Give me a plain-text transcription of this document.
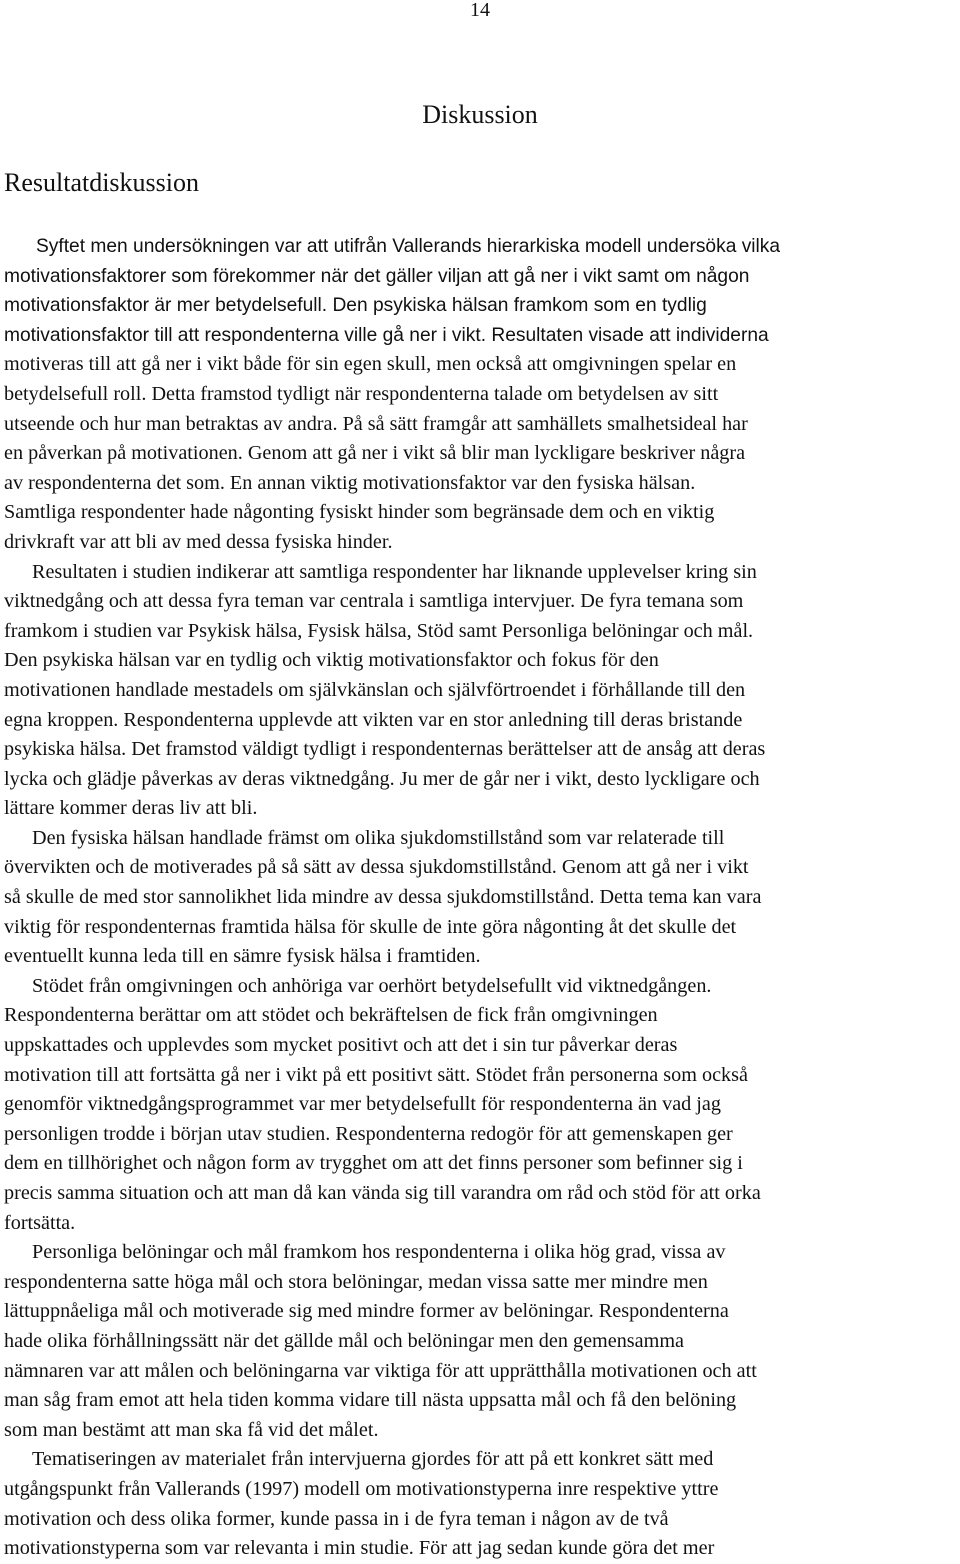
14
Diskussion
Resultatdiskussion

Syftet men undersökningen var att utifrån Vallerands hierarkiska modell undersöka vilka
motivationsfaktorer som förekommer när det gäller viljan att gå ner i vikt samt om någon
motivationsfaktor är mer betydelsefull. Den psykiska hälsan framkom som en tydlig
motivationsfaktor till att respondenterna ville gå ner i vikt. Resultaten visade att individerna
motiveras till att gå ner i vikt både för sin egen skull, men också att omgivningen spelar en
betydelsefull roll. Detta framstod tydligt när respondenterna talade om betydelsen av sitt
utseende och hur man betraktas av andra. På så sätt framgår att samhällets smalhetsideal har
en påverkan på motivationen. Genom att gå ner i vikt så blir man lyckligare beskriver några
av respondenterna det som. En annan viktig motivationsfaktor var den fysiska hälsan.
Samtliga respondenter hade någonting fysiskt hinder som begränsade dem och en viktig
drivkraft var att bli av med dessa fysiska hinder.

Resultaten i studien indikerar att samtliga respondenter har liknande upplevelser kring sin
viktnedgång och att dessa fyra teman var centrala i samtliga intervjuer. De fyra temana som
framkom i studien var Psykisk hälsa, Fysisk hälsa, Stöd samt Personliga belöningar och mål.
Den psykiska hälsan var en tydlig och viktig motivationsfaktor och fokus för den
motivationen handlade mestadels om självkänslan och självförtroendet i förhållande till den
egna kroppen. Respondenterna upplevde att vikten var en stor anledning till deras bristande
psykiska hälsa. Det framstod väldigt tydligt i respondenternas berättelser att de ansåg att deras
lycka och glädje påverkas av deras viktnedgång. Ju mer de går ner i vikt, desto lyckligare och
lättare kommer deras liv att bli.

Den fysiska hälsan handlade främst om olika sjukdomstillstånd som var relaterade till
övervikten och de motiverades på så sätt av dessa sjukdomstillstånd. Genom att gå ner i vikt
så skulle de med stor sannolikhet lida mindre av dessa sjukdomstillstånd. Detta tema kan vara
viktig för respondenternas framtida hälsa för skulle de inte göra någonting åt det skulle det
eventuellt kunna leda till en sämre fysisk hälsa i framtiden.

Stödet från omgivningen och anhöriga var oerhört betydelsefullt vid viktnedgången.
Respondenterna berättar om att stödet och bekräftelsen de fick från omgivningen
uppskattades och upplevdes som mycket positivt och att det i sin tur påverkar deras
motivation till att fortsätta gå ner i vikt på ett positivt sätt. Stödet från personerna som också
genomför viktnedgångsprogrammet var mer betydelsefullt för respondenterna än vad jag
personligen trodde i början utav studien. Respondenterna redogör för att gemenskapen ger
dem en tillhörighet och någon form av trygghet om att det finns personer som befinner sig i
precis samma situation och att man då kan vända sig till varandra om råd och stöd för att orka
fortsätta.

Personliga belöningar och mål framkom hos respondenterna i olika hög grad, vissa av
respondenterna satte höga mål och stora belöningar, medan vissa satte mer mindre men
lättuppnåeliga mål och motiverade sig med mindre former av belöningar. Respondenterna
hade olika förhållningssätt när det gällde mål och belöningar men den gemensamma
nämnaren var att målen och belöningarna var viktiga för att upprätthålla motivationen och att
man såg fram emot att hela tiden komma vidare till nästa uppsatta mål och få den belöning
som man bestämt att man ska få vid det målet.

Tematiseringen av materialet från intervjuerna gjordes för att på ett konkret sätt med
utgångspunkt från Vallerands (1997) modell om motivationstyperna inre respektive yttre
motivation och dess olika former, kunde passa in i de fyra teman i någon av de två
motivationstyperna som var relevanta i min studie. För att jag sedan kunde göra det mer
